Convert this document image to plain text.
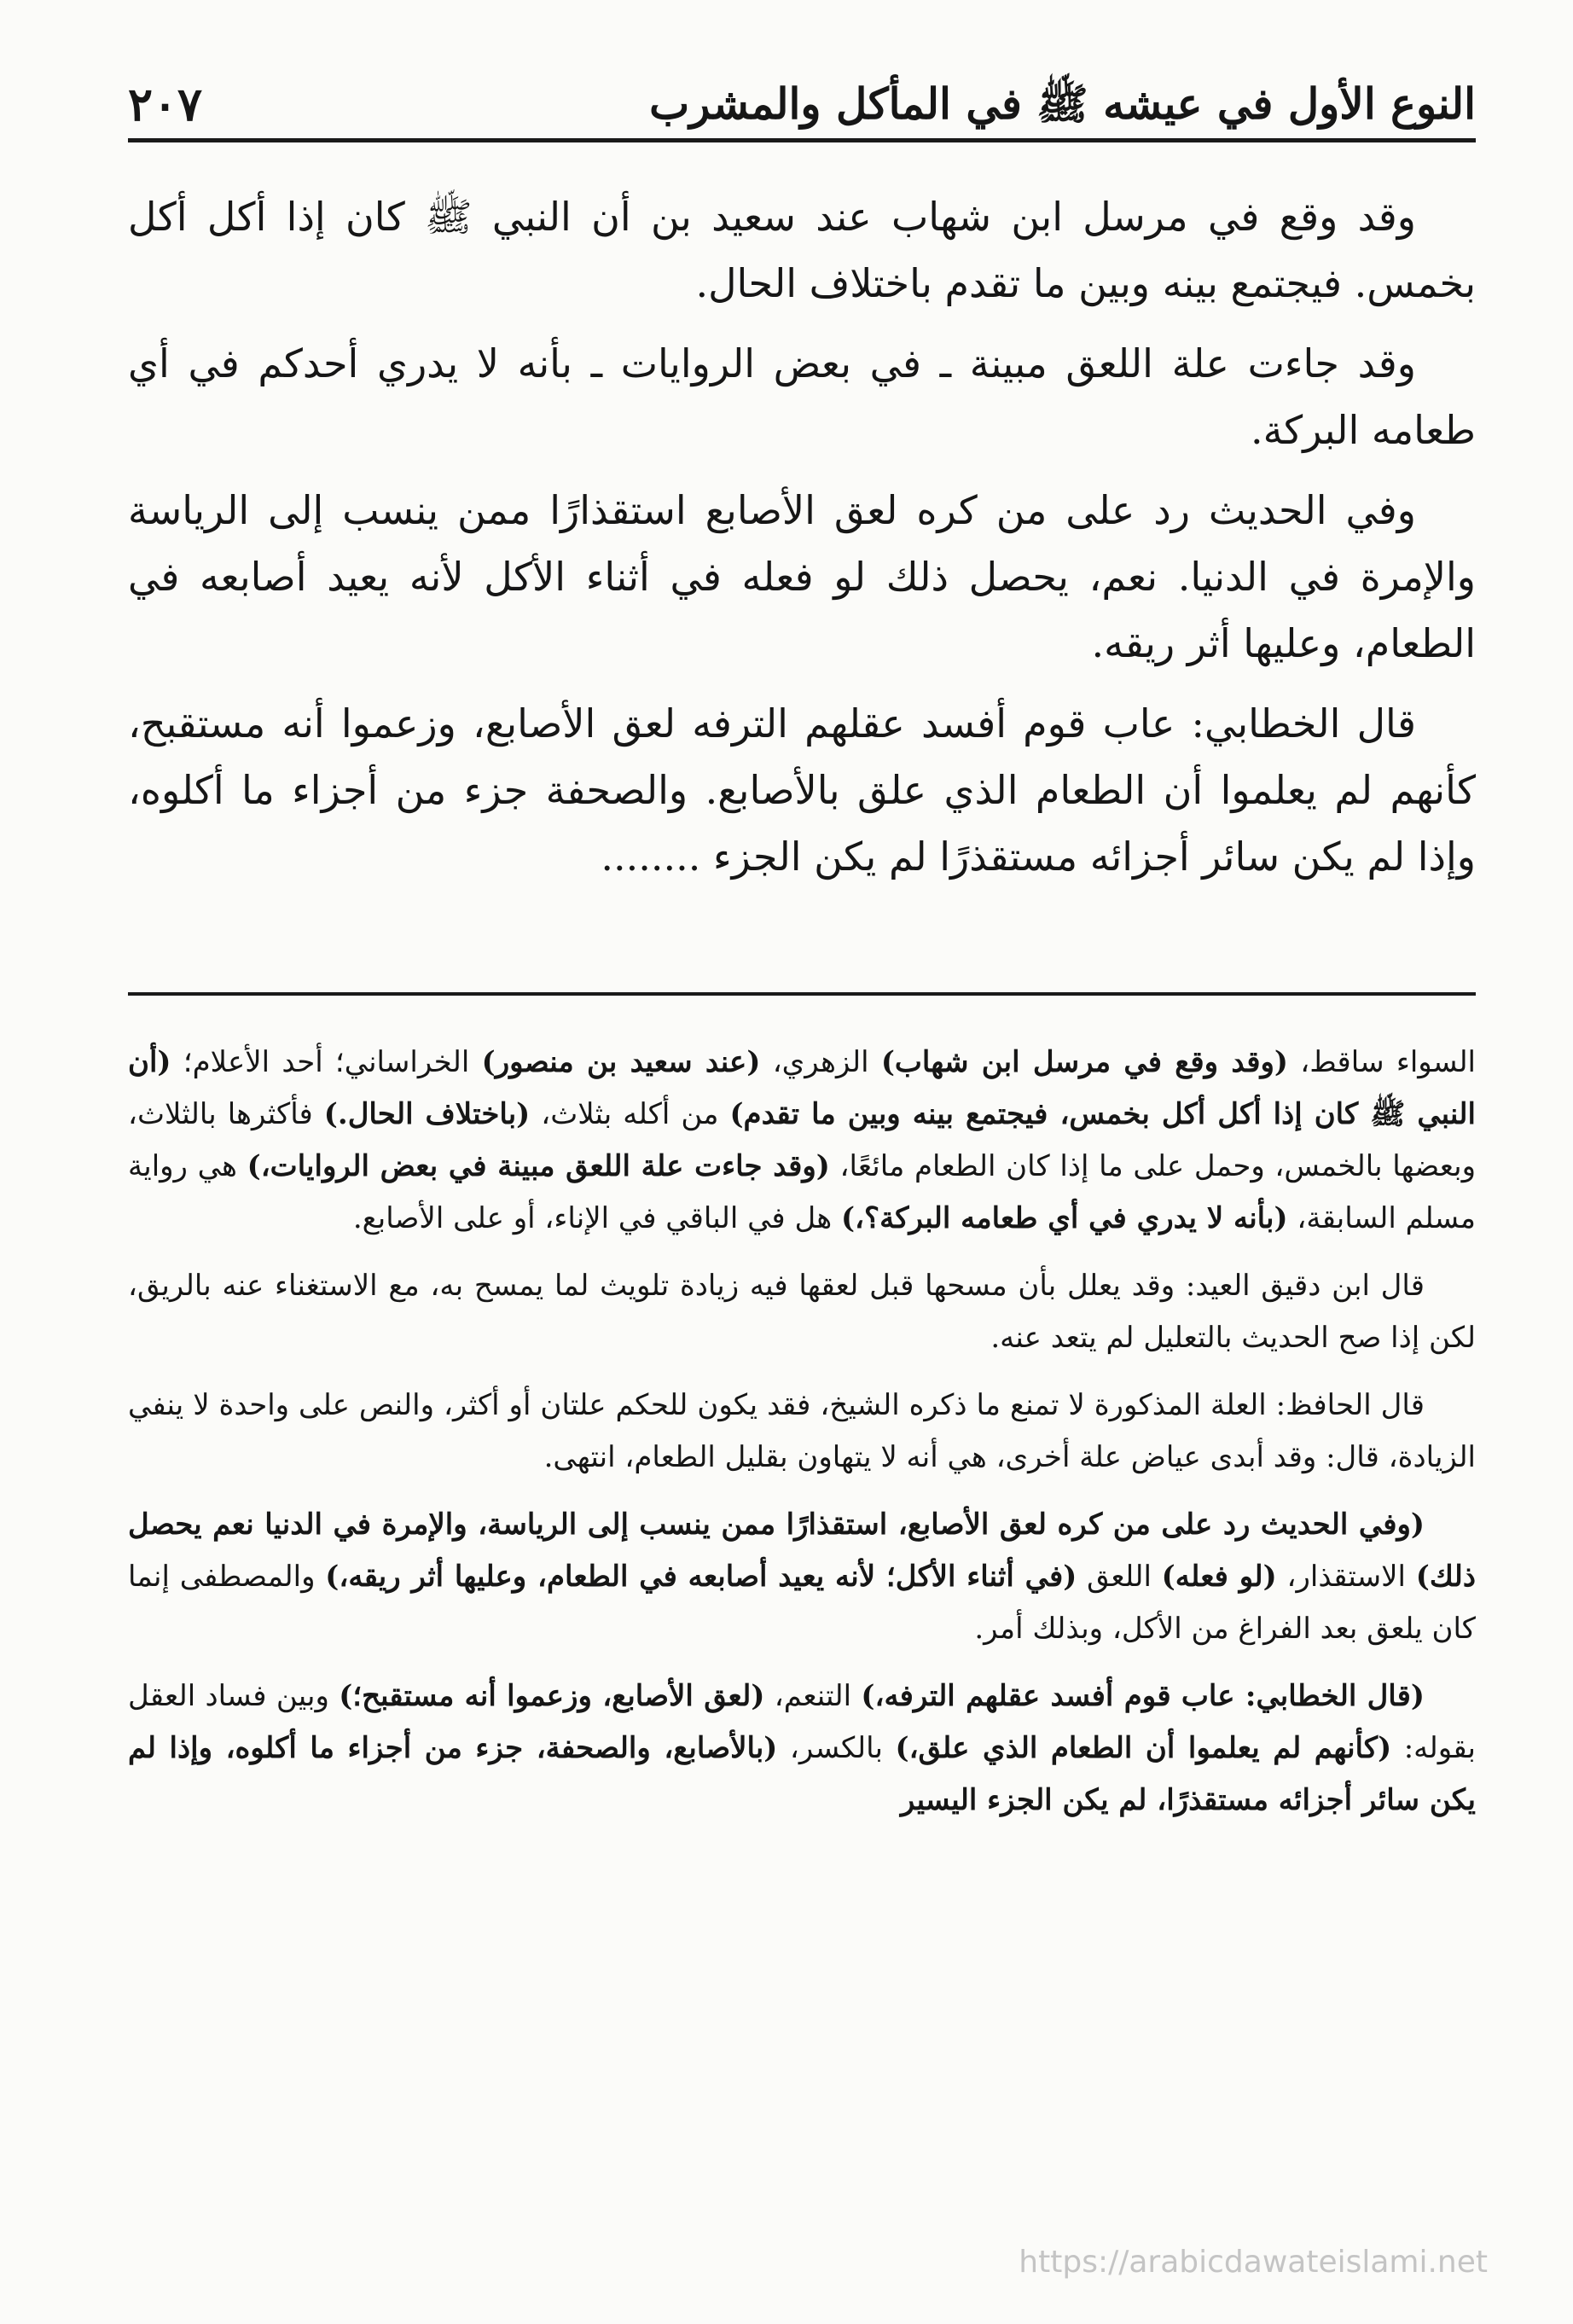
النوع الأول في عيشه ﷺ في المأكل والمشرب
٢٠٧

وقد وقع في مرسل ابن شهاب عند سعيد بن أن النبي ﷺ كان إذا أكل أكل بخمس. فيجتمع بينه وبين ما تقدم باختلاف الحال.

وقد جاءت علة اللعق مبينة ـ في بعض الروايات ـ بأنه لا يدري أحدكم في أي طعامه البركة.

وفي الحديث رد على من كره لعق الأصابع استقذارًا ممن ينسب إلى الرياسة والإمرة في الدنيا. نعم، يحصل ذلك لو فعله في أثناء الأكل لأنه يعيد أصابعه في الطعام، وعليها أثر ريقه.

قال الخطابي: عاب قوم أفسد عقلهم الترفه لعق الأصابع، وزعموا أنه مستقبح، كأنهم لم يعلموا أن الطعام الذي علق بالأصابع. والصحفة جزء من أجزاء ما أكلوه، وإذا لم يكن سائر أجزائه مستقذرًا لم يكن الجزء ........

السواء ساقط، (وقد وقع في مرسل ابن شهاب) الزهري، (عند سعيد بن منصور) الخراساني؛ أحد الأعلام؛ (أن النبي ﷺ كان إذا أكل أكل بخمس، فيجتمع بينه وبين ما تقدم) من أكله بثلاث، (باختلاف الحال.) فأكثرها بالثلاث، وبعضها بالخمس، وحمل على ما إذا كان الطعام مائعًا، (وقد جاءت علة اللعق مبينة في بعض الروايات،) هي رواية مسلم السابقة، (بأنه لا يدري في أي طعامه البركة؟،) هل في الباقي في الإناء، أو على الأصابع.

قال ابن دقيق العيد: وقد يعلل بأن مسحها قبل لعقها فيه زيادة تلويث لما يمسح به، مع الاستغناء عنه بالريق، لكن إذا صح الحديث بالتعليل لم يتعد عنه.

قال الحافظ: العلة المذكورة لا تمنع ما ذكره الشيخ، فقد يكون للحكم علتان أو أكثر، والنص على واحدة لا ينفي الزيادة، قال: وقد أبدى عياض علة أخرى، هي أنه لا يتهاون بقليل الطعام، انتهى.

(وفي الحديث رد على من كره لعق الأصابع، استقذارًا ممن ينسب إلى الرياسة، والإمرة في الدنيا نعم يحصل ذلك) الاستقذار، (لو فعله) اللعق (في أثناء الأكل؛ لأنه يعيد أصابعه في الطعام، وعليها أثر ريقه،) والمصطفى إنما كان يلعق بعد الفراغ من الأكل، وبذلك أمر.

(قال الخطابي: عاب قوم أفسد عقلهم الترفه،) التنعم، (لعق الأصابع، وزعموا أنه مستقبح؛) وبين فساد العقل بقوله: (كأنهم لم يعلموا أن الطعام الذي علق،) بالكسر، (بالأصابع، والصحفة، جزء من أجزاء ما أكلوه، وإذا لم يكن سائر أجزائه مستقذرًا، لم يكن الجزء اليسير

https://arabicdawateislami.net
